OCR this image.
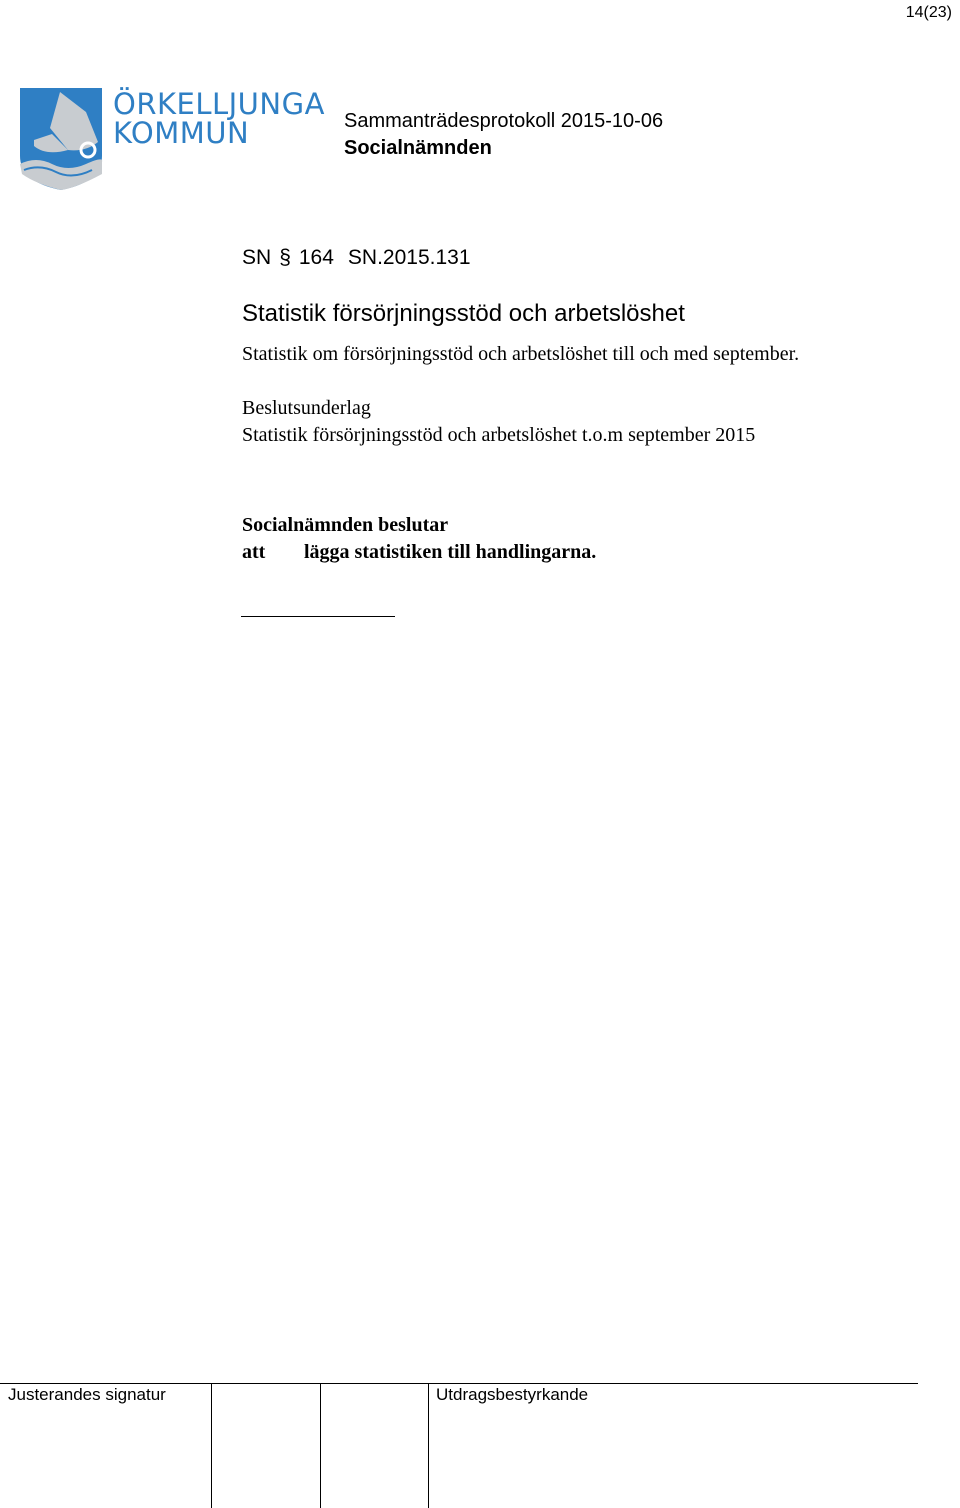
14(23)
ÖRKELLJUNGA
KOMMUN	Sammanträdesprotokoll 2015-10-06
Socialnämnden
SN § 164 SN.2015.131
Statistik försörjningsstöd och arbetslöshet
Statistik om försörjningsstöd och arbetslöshet till och med september.
Beslutsunderlag
Statistik försörjningsstöd och arbetslöshet t.o.m september 2015
Socialnämnden beslutar
att lägga statistiken till handlingarna.
Justerandes signatur	Utdragsbestyrkande
